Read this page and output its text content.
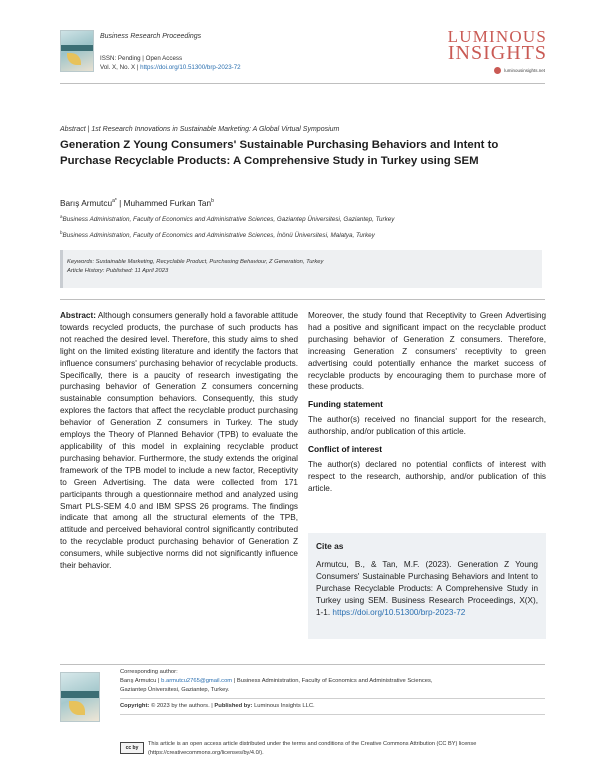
Business Research Proceedings
ISSN: Pending | Open Access
Vol. X, No. X | https://doi.org/10.51300/brp-2023-72
LUMINOUS
INSIGHTS
luminousinsights.net
Abstract | 1st Research Innovations in Sustainable Marketing: A Global Virtual Symposium
Generation Z Young Consumers' Sustainable Purchasing Behaviors and Intent to Purchase Recyclable Products: A Comprehensive Study in Turkey using SEM
Barış Armutcu$^{a*}$ | Muhammed Furkan Tan$^b$
$^a$Business Administration, Faculty of Economics and Administrative Sciences, Gaziantep Üniversitesi, Gaziantep, Turkey
$^b$Business Administration, Faculty of Economics and Administrative Sciences, İnönü Üniversitesi, Malatya, Turkey
Keywords: Sustainable Marketing, Recyclable Product, Purchasing Behaviour, Z Generation, Turkey
Article History: Published: 11 April 2023

Abstract: Although consumers generally hold a favorable attitude towards recycled products, the purchase of such products has not reached the desired level. Therefore, this study aims to shed light on the limited existing literature and identify the factors that influence consumers' purchasing behavior of recyclable products. Specifically, there is a paucity of research investigating the purchasing behavior of Generation Z consumers concerning sustainable consumption behaviors. Consequently, this study explores the factors that affect the recyclable product purchasing behavior of Generation Z consumers in Turkey. The study employs the Theory of Planned Behavior (TPB) to evaluate the applicability of this model in explaining recyclable product purchasing behavior. Furthermore, the study extends the original framework of the TPB model to include a new factor, Receptivity to Green Advertising. The data were collected from 171 participants through a questionnaire method and analyzed using Smart PLS-SEM 4.0 and IBM SPSS 26 programs. The findings indicate that among all the structural elements of the TPB, attitude and perceived behavioral control significantly contributed to the recyclable product purchasing behavior of Generation Z consumers, while subjective norms did not significantly influence their behavior.

Moreover, the study found that Receptivity to Green Advertising had a positive and significant impact on the recyclable product purchasing behavior of Generation Z consumers. Therefore, increasing Generation Z consumers' receptivity to green advertising could potentially enhance the market success of recyclable products by encouraging them to purchase more of these products.

Funding statement

The author(s) received no financial support for the research, authorship, and/or publication of this article.

Conflict of interest

The author(s) declared no potential conflicts of interest with respect to the research, authorship, and/or publication of this article.

Cite as
Armutcu, B., & Tan, M.F. (2023). Generation Z Young Consumers' Sustainable Purchasing Behaviors and Intent to Purchase Recyclable Products: A Comprehensive Study in Turkey using SEM. Business Research Proceedings, X(X), 1-1. https://doi.org/10.51300/brp-2023-72
Corresponding author:
Barış Armutcu | b.armutcu2765@gmail.com | Business Administration, Faculty of Economics and Administrative Sciences,
Gaziantep Üniversitesi, Gaziantep, Turkey.
Copyright: © 2023 by the authors. | Published by: Luminous Insights LLC.
cc by
This article is an open access article distributed under the terms and conditions of the Creative Commons Attribution (CC BY) license (https://creativecommons.org/licenses/by/4.0/).
